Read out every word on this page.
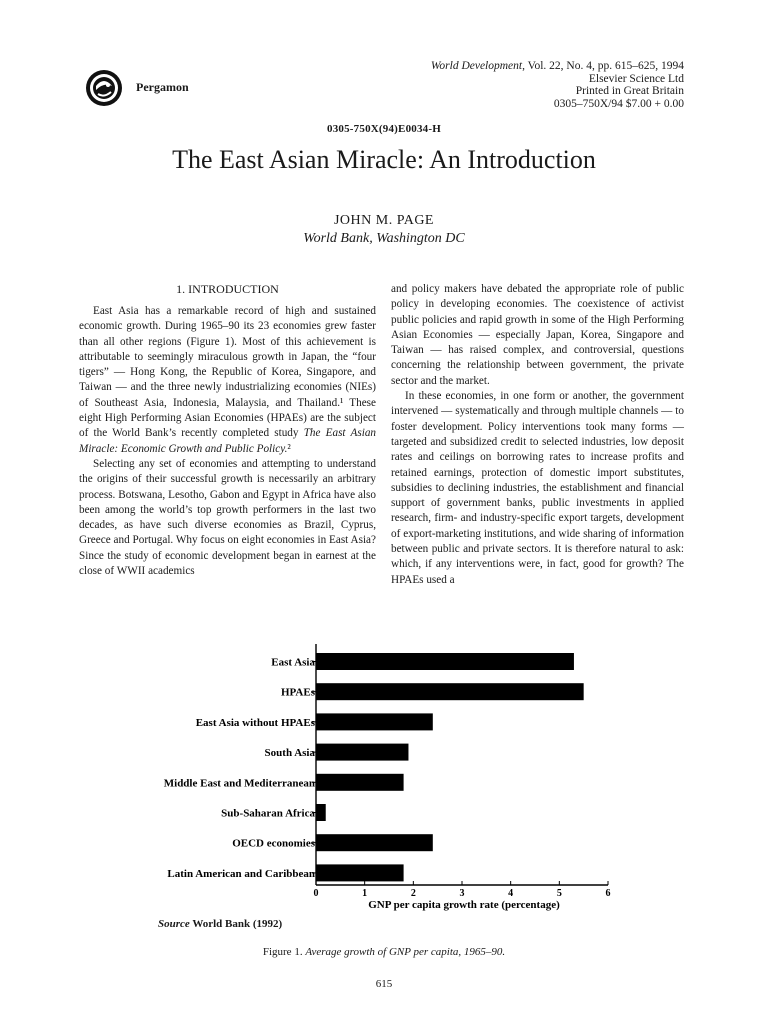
Pergamon
World Development, Vol. 22, No. 4, pp. 615–625, 1994
Elsevier Science Ltd
Printed in Great Britain
0305–750X/94 $7.00 + 0.00
0305-750X(94)E0034-H
The East Asian Miracle: An Introduction
JOHN M. PAGE
World Bank, Washington DC
1. INTRODUCTION

East Asia has a remarkable record of high and sustained economic growth. During 1965–90 its 23 economies grew faster than all other regions (Figure 1). Most of this achievement is attributable to seemingly miraculous growth in Japan, the “four tigers” — Hong Kong, the Republic of Korea, Singapore, and Taiwan — and the three newly industrializing economies (NIEs) of Southeast Asia, Indonesia, Malaysia, and Thailand.¹ These eight High Performing Asian Economies (HPAEs) are the subject of the World Bank’s recently completed study The East Asian Miracle: Economic Growth and Public Policy.²

Selecting any set of economies and attempting to understand the origins of their successful growth is necessarily an arbitrary process. Botswana, Lesotho, Gabon and Egypt in Africa have also been among the world’s top growth performers in the last two decades, as have such diverse economies as Brazil, Cyprus, Greece and Portugal. Why focus on eight economies in East Asia? Since the study of economic development began in earnest at the close of WWII academics

and policy makers have debated the appropriate role of public policy in developing economies. The coexistence of activist public policies and rapid growth in some of the High Performing Asian Economies — especially Japan, Korea, Singapore and Taiwan — has raised complex, and controversial, questions concerning the relationship between government, the private sector and the market.

In these economies, in one form or another, the government intervened — systematically and through multiple channels — to foster development. Policy interventions took many forms — targeted and subsidized credit to selected industries, low deposit rates and ceilings on borrowing rates to increase profits and retained earnings, protection of domestic import substitutes, subsidies to declining industries, the establishment and financial support of government banks, public investments in applied research, firm- and industry-specific export targets, development of export-marketing institutions, and wide sharing of information between public and private sectors. It is therefore natural to ask: which, if any interventions were, in fact, good for growth? The HPAEs used a

East Asia
HPAEs
East Asia without HPAEs
South Asia
Middle East and Mediterranean
Sub-Saharan Africa
OECD economies
Latin American and Caribbean
0	1	2	3	4	5	6
GNP per capita growth rate (percentage)
Source World Bank (1992)
Figure 1. Average growth of GNP per capita, 1965–90.
615
